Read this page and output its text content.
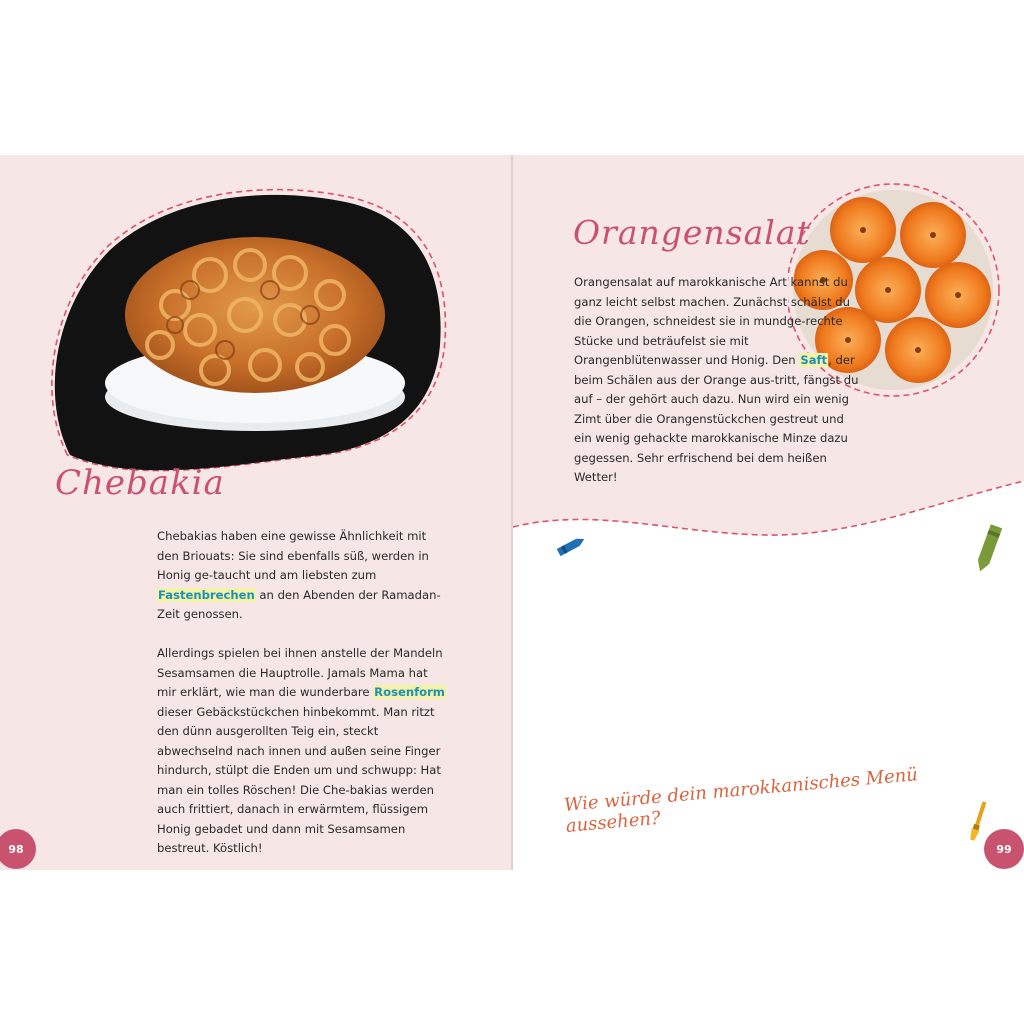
Chebakia

Chebakias haben eine gewisse Ähnlichkeit mit den Briouats: Sie sind ebenfalls süß, werden in Honig ge-taucht und am liebsten zum Fastenbrechen an den Abenden der Ramadan-Zeit genossen.

Allerdings spielen bei ihnen anstelle der Mandeln Sesamsamen die Hauptrolle. Jamals Mama hat mir erklärt, wie man die wunderbare Rosenform dieser Gebäckstückchen hinbekommt. Man ritzt den dünn ausgerollten Teig ein, steckt abwechselnd nach innen und außen seine Finger hindurch, stülpt die Enden um und schwupp: Hat man ein tolles Röschen! Die Che-bakias werden auch frittiert, danach in erwärmtem, flüssigem Honig gebadet und dann mit Sesamsamen bestreut. Köstlich!

98
Orangensalat

Orangensalat auf marokkanische Art kannst du ganz leicht selbst machen. Zunächst schälst du die Orangen, schneidest sie in mundge-rechte Stücke und beträufelst sie mit Orangenblütenwasser und Honig. Den Saft, der beim Schälen aus der Orange aus-tritt, fängst du auf – der gehört auch dazu. Nun wird ein wenig Zimt über die Orangenstückchen gestreut und ein wenig gehackte marokkanische Minze dazu gegessen. Sehr erfrischend bei dem heißen Wetter!

Wie würde dein marokkanisches Menü aussehen?
99
